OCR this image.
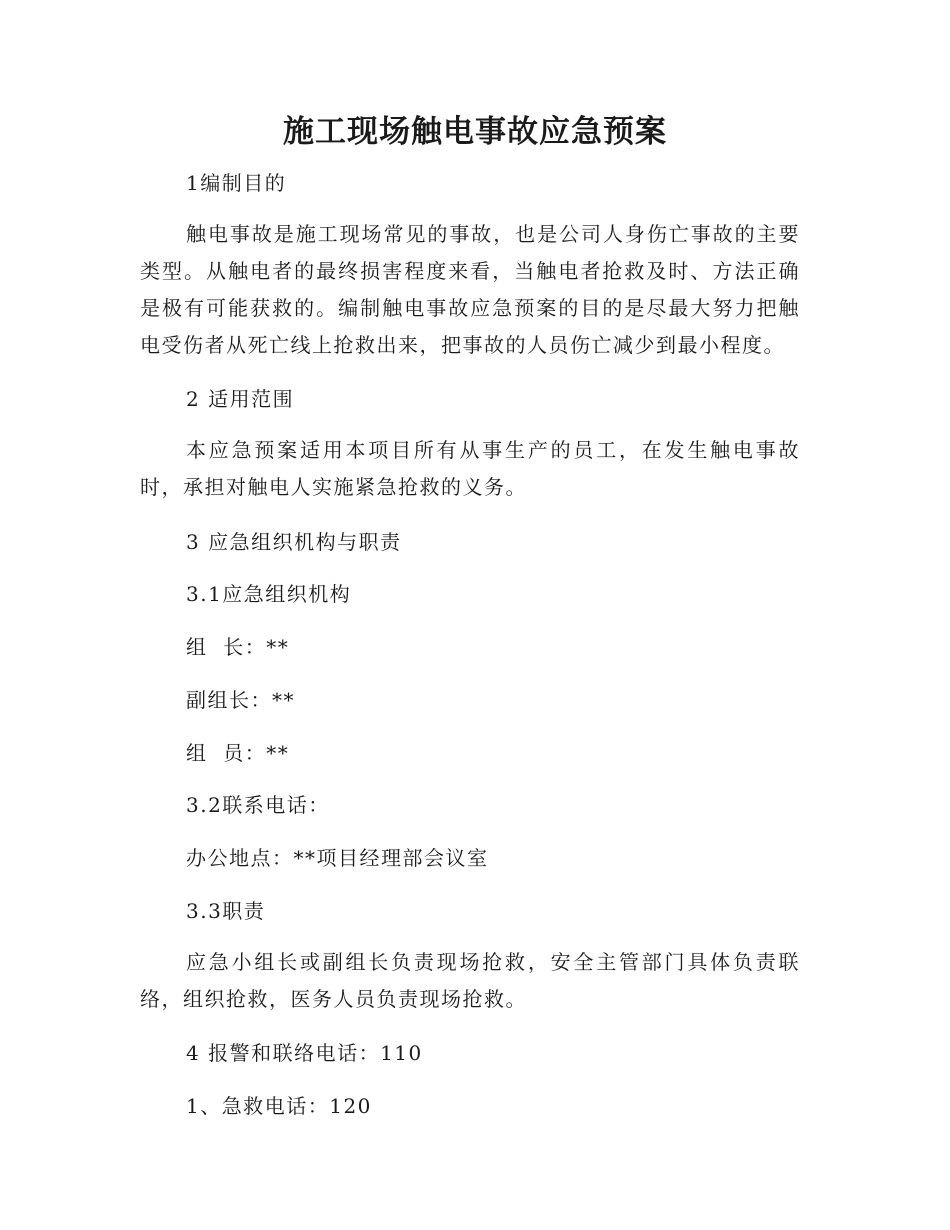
施工现场触电事故应急预案
1编制目的

触电事故是施工现场常见的事故，也是公司人身伤亡事故的主要类型。从触电者的最终损害程度来看，当触电者抢救及时、方法正确是极有可能获救的。编制触电事故应急预案的目的是尽最大努力把触电受伤者从死亡线上抢救出来，把事故的人员伤亡减少到最小程度。

2 适用范围

本应急预案适用本项目所有从事生产的员工，在发生触电事故时，承担对触电人实施紧急抢救的义务。

3 应急组织机构与职责
3.1应急组织机构
组  长：**
副组长：**
组  员：**
3.2联系电话：
办公地点：**项目经理部会议室
3.3职责

应急小组长或副组长负责现场抢救，安全主管部门具体负责联络，组织抢救，医务人员负责现场抢救。

4 报警和联络电话：110
1、急救电话：120
